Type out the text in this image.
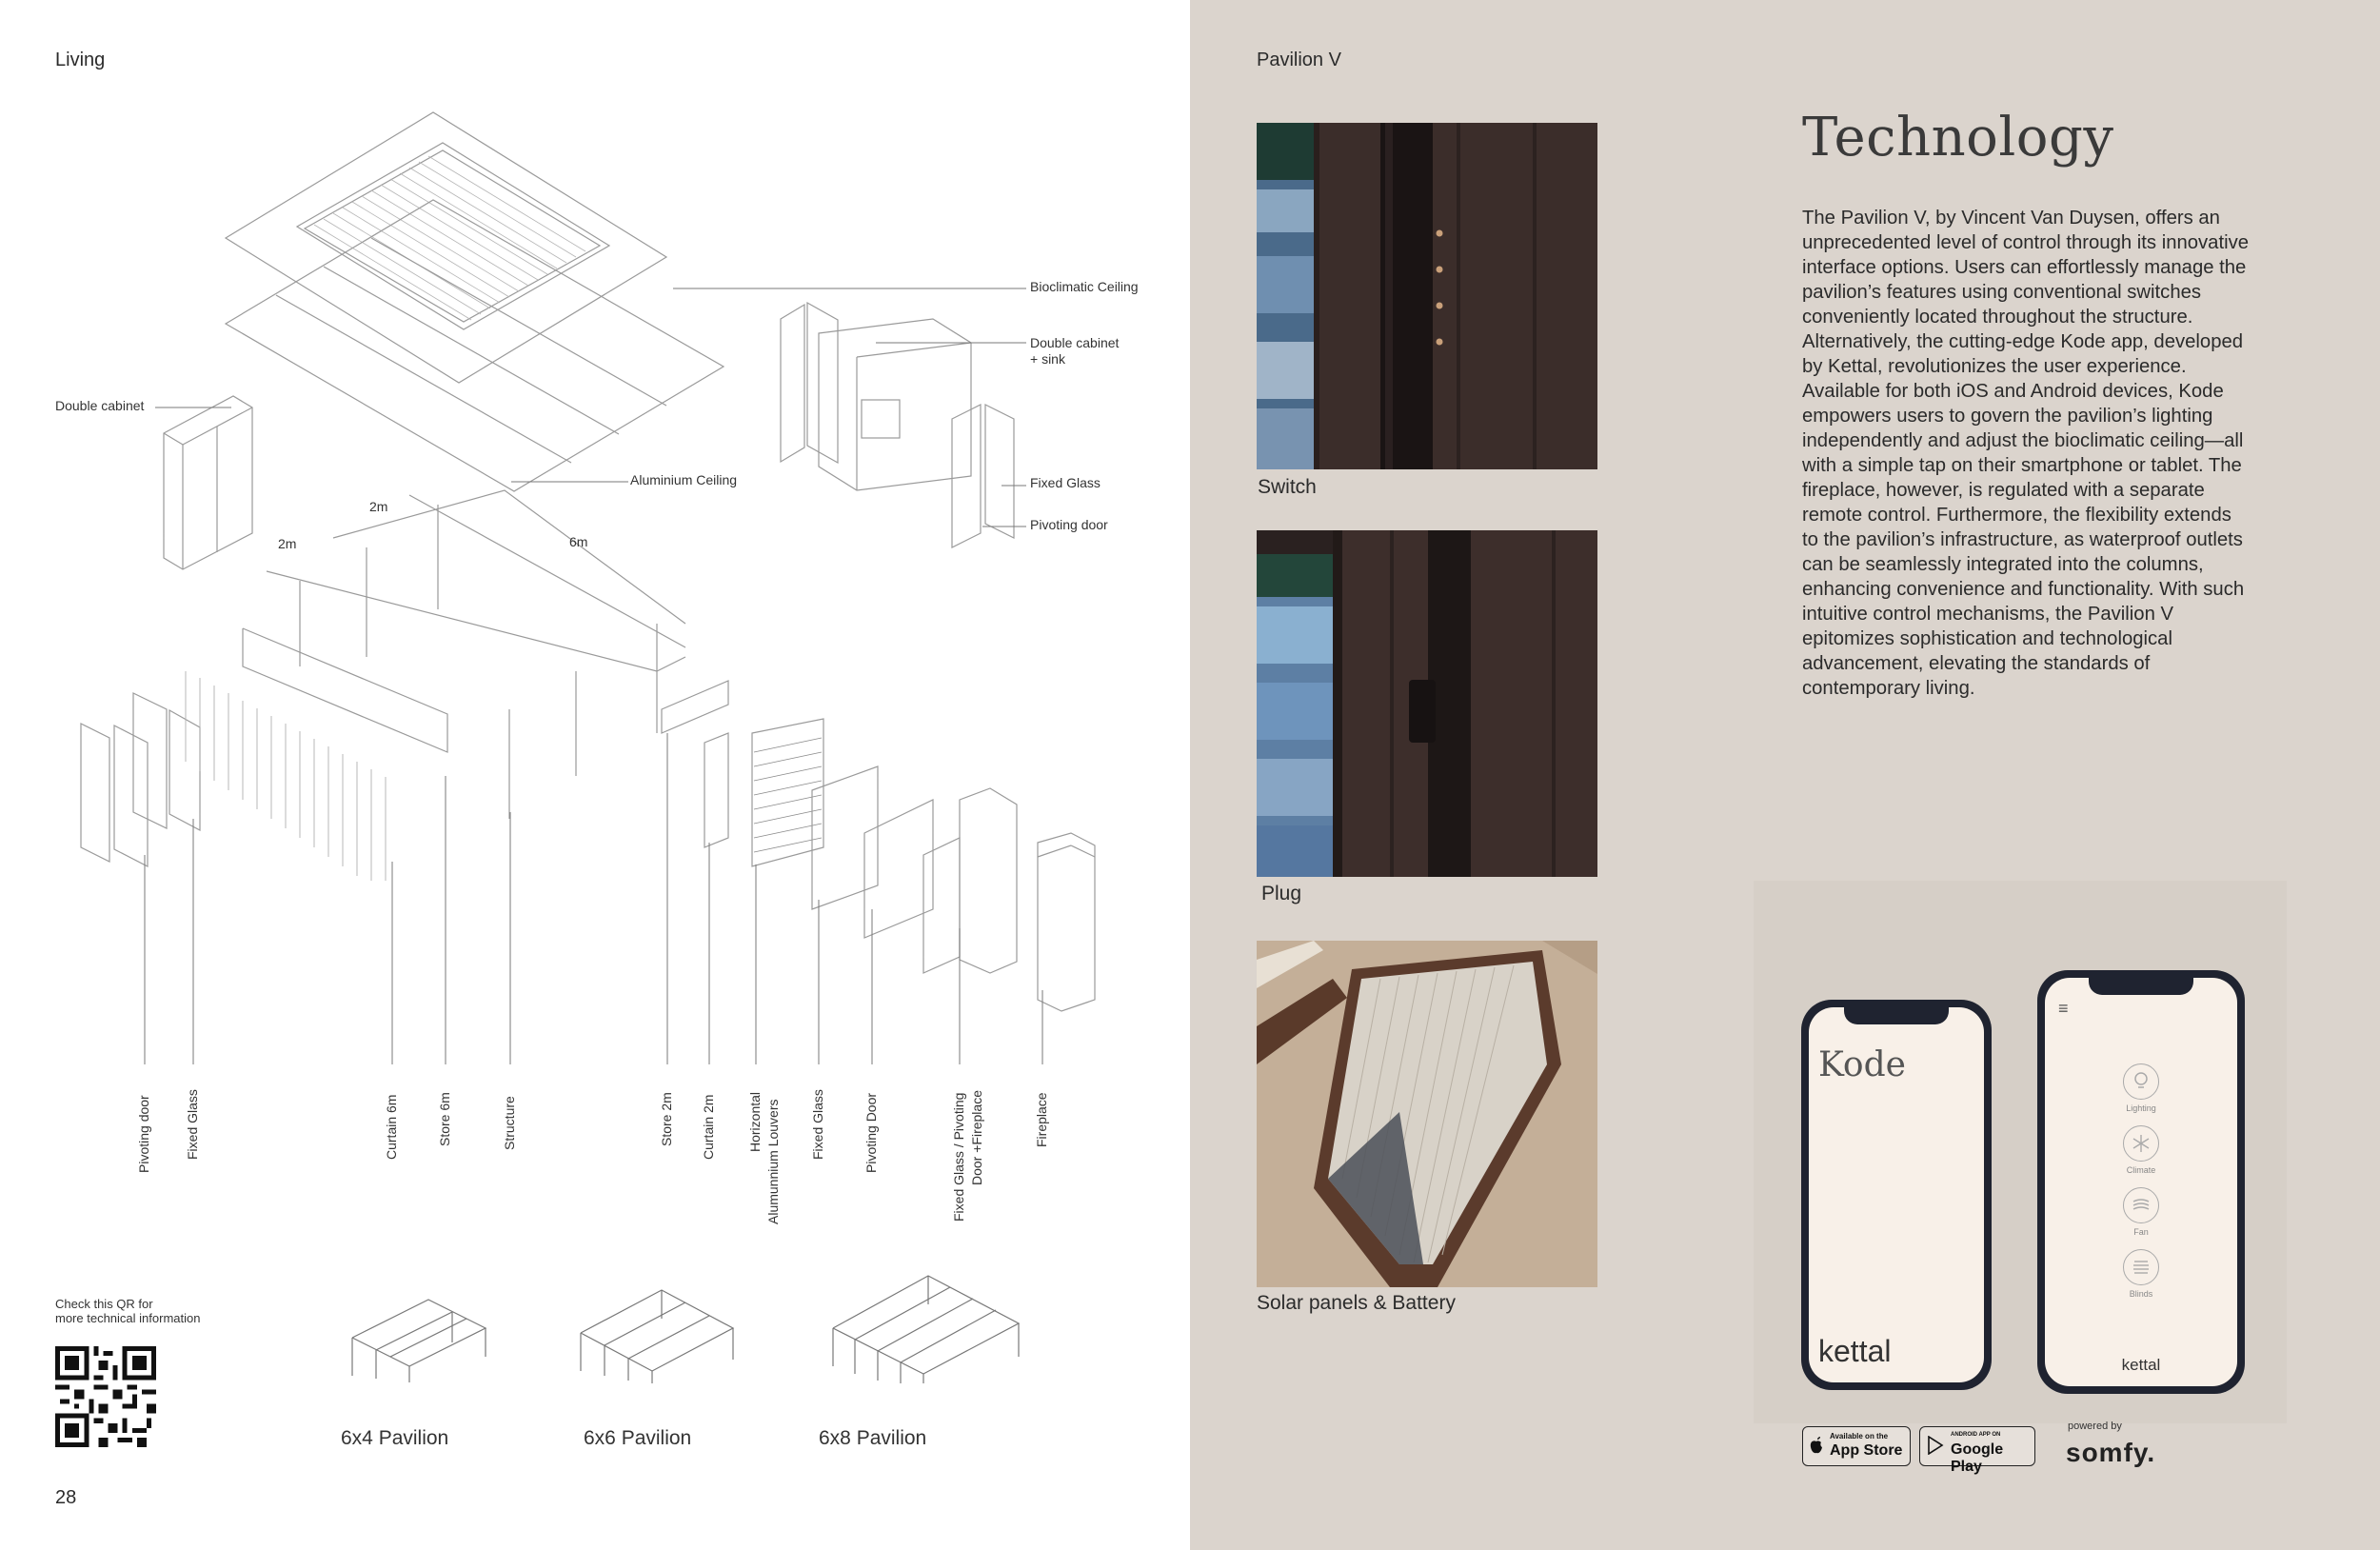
Living
Bioclimatic Ceiling
Double cabinet
+ sink
Fixed Glass
Pivoting door
Double cabinet
Aluminium Ceiling
2m
2m	6m
Pivoting door	Fixed Glass	Curtain 6m	Store 6m	Structure	Store 2m Curtain 2m Horizontal Alumunnium Louvers Fixed Glass	Pivoting Door	Fixed Glass / Pivoting Door +Fireplace	Fireplace
Check this QR for
more technical information
6x4 Pavilion	6x6 Pavilion	6x8 Pavilion
28
Pavilion V
Switch
Plug
Solar panels & Battery
Technology
The Pavilion V, by Vincent Van Duysen, offers an unprecedented level of control through its innovative interface options. Users can effortlessly manage the pavilion’s features using conventional switches conveniently located throughout the structure. Alternatively, the cutting-edge Kode app, developed by Kettal, revolutionizes the user experience. Available for both iOS and Android devices, Kode empowers users to govern the pavilion’s lighting independently and adjust the bioclimatic ceiling—all with a simple tap on their smartphone or tablet. The fireplace, however, is regulated with a separate remote control. Furthermore, the flexibility extends to the pavilion’s infrastructure, as waterproof outlets can be seamlessly integrated into the columns, enhancing convenience and functionality. With such intuitive control mechanisms, the Pavilion V epitomizes sophistication and technological advancement, elevating the standards of contemporary living.
Kode
kettal
≡
Lighting
Climate
Fan
Blinds
kettal
Available on the
App Store
ANDROID APP ON
Google Play
powered by
somfy.
